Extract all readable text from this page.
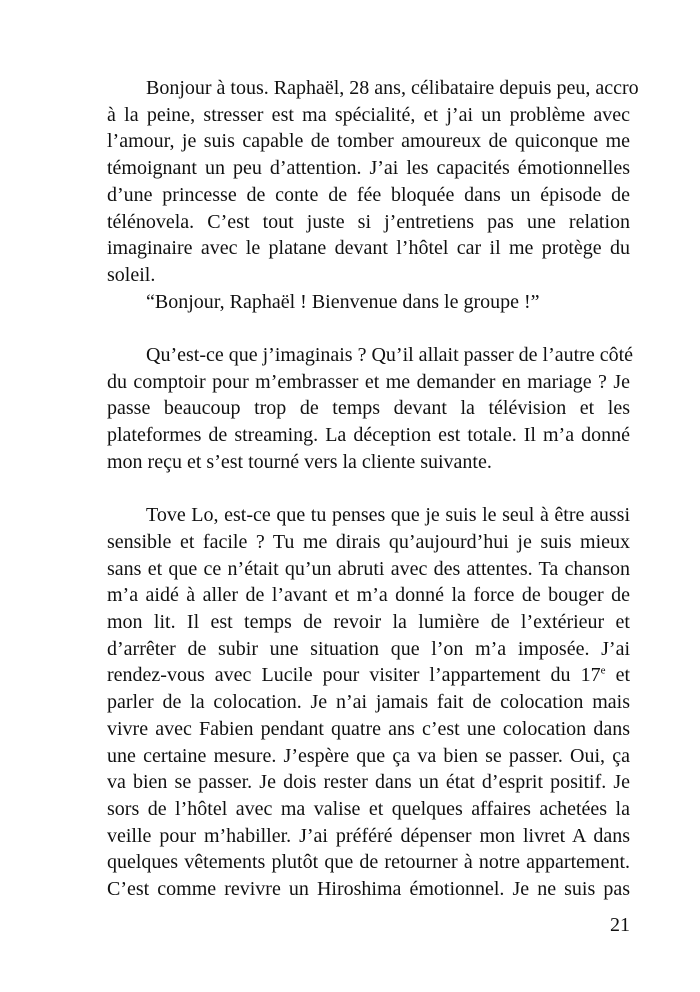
21
Bonjour à tous. Raphaël, 28 ans, célibataire depuis peu, accro
à la peine, stresser est ma spécialité, et j’ai un problème avec
l’amour, je suis capable de tomber amoureux de quiconque me
témoignant un peu d’attention. J’ai les capacités émotionnelles
d’une princesse de conte de fée bloquée dans un épisode de
télénovela. C’est tout juste si j’entretiens pas une relation
imaginaire avec le platane devant l’hôtel car il me protège du
soleil.
“Bonjour, Raphaël ! Bienvenue dans le groupe !”
Qu’est-ce que j’imaginais ? Qu’il allait passer de l’autre côté
du comptoir pour m’embrasser et me demander en mariage ? Je
passe beaucoup trop de temps devant la télévision et les
plateformes de streaming. La déception est totale. Il m’a donné
mon reçu et s’est tourné vers la cliente suivante.
Tove Lo, est-ce que tu penses que je suis le seul à être aussi
sensible et facile ? Tu me dirais qu’aujourd’hui je suis mieux
sans et que ce n’était qu’un abruti avec des attentes. Ta chanson
m’a aidé à aller de l’avant et m’a donné la force de bouger de
mon lit. Il est temps de revoir la lumière de l’extérieur et
d’arrêter de subir une situation que l’on m’a imposée. J’ai
rendez-vous avec Lucile pour visiter l’appartement du 17e et
parler de la colocation. Je n’ai jamais fait de colocation mais
vivre avec Fabien pendant quatre ans c’est une colocation dans
une certaine mesure. J’espère que ça va bien se passer. Oui, ça
va bien se passer. Je dois rester dans un état d’esprit positif. Je
sors de l’hôtel avec ma valise et quelques affaires achetées la
veille pour m’habiller. J’ai préféré dépenser mon livret A dans
quelques vêtements plutôt que de retourner à notre appartement.
C’est comme revivre un Hiroshima émotionnel. Je ne suis pas
